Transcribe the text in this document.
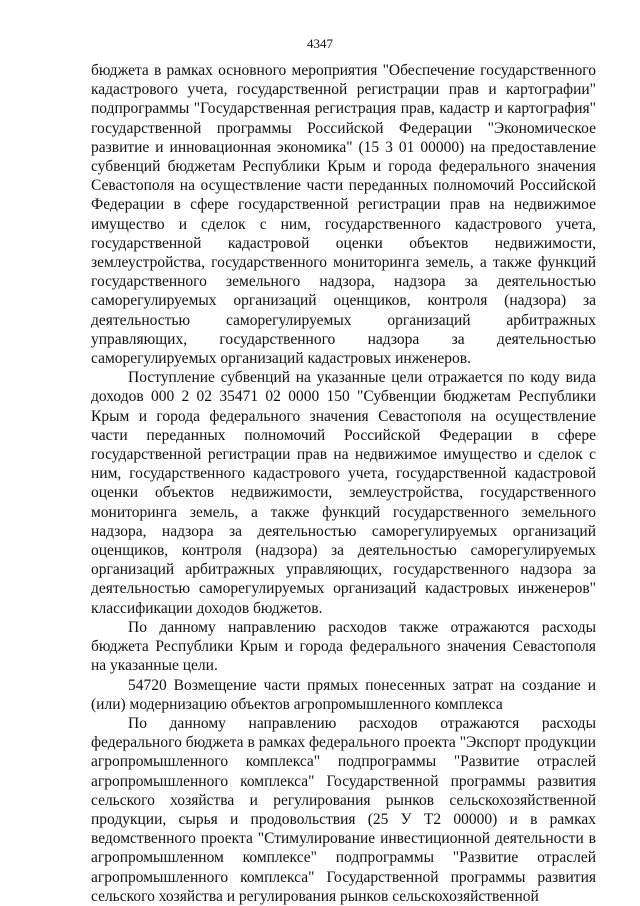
4347

бюджета в рамках основного мероприятия "Обеспечение государственного кадастрового учета, государственной регистрации прав и картографии" подпрограммы "Государственная регистрация прав, кадастр и картография" государственной программы Российской Федерации "Экономическое развитие и инновационная экономика" (15 3 01 00000) на предоставление субвенций бюджетам Республики Крым и города федерального значения Севастополя на осуществление части переданных полномочий Российской Федерации в сфере государственной регистрации прав на недвижимое имущество и сделок с ним, государственного кадастрового учета, государственной кадастровой оценки объектов недвижимости, землеустройства, государственного мониторинга земель, а также функций государственного земельного надзора, надзора за деятельностью саморегулируемых организаций оценщиков, контроля (надзора) за деятельностью саморегулируемых организаций арбитражных управляющих, государственного надзора за деятельностью саморегулируемых организаций кадастровых инженеров.

Поступление субвенций на указанные цели отражается по коду вида доходов 000 2 02 35471 02 0000 150 "Субвенции бюджетам Республики Крым и города федерального значения Севастополя на осуществление части переданных полномочий Российской Федерации в сфере государственной регистрации прав на недвижимое имущество и сделок с ним, государственного кадастрового учета, государственной кадастровой оценки объектов недвижимости, землеустройства, государственного мониторинга земель, а также функций государственного земельного надзора, надзора за деятельностью саморегулируемых организаций оценщиков, контроля (надзора) за деятельностью саморегулируемых организаций арбитражных управляющих, государственного надзора за деятельностью саморегулируемых организаций кадастровых инженеров" классификации доходов бюджетов.

По данному направлению расходов также отражаются расходы бюджета Республики Крым и города федерального значения Севастополя на указанные цели.

54720 Возмещение части прямых понесенных затрат на создание и (или) модернизацию объектов агропромышленного комплекса

По данному направлению расходов отражаются расходы федерального бюджета в рамках федерального проекта "Экспорт продукции агропромышленного комплекса" подпрограммы "Развитие отраслей агропромышленного комплекса" Государственной программы развития сельского хозяйства и регулирования рынков сельскохозяйственной продукции, сырья и продовольствия (25 У Т2 00000) и в рамках ведомственного проекта "Стимулирование инвестиционной деятельности в агропромышленном комплексе" подпрограммы "Развитие отраслей агропромышленного комплекса" Государственной программы развития сельского хозяйства и регулирования рынков сельскохозяйственной
